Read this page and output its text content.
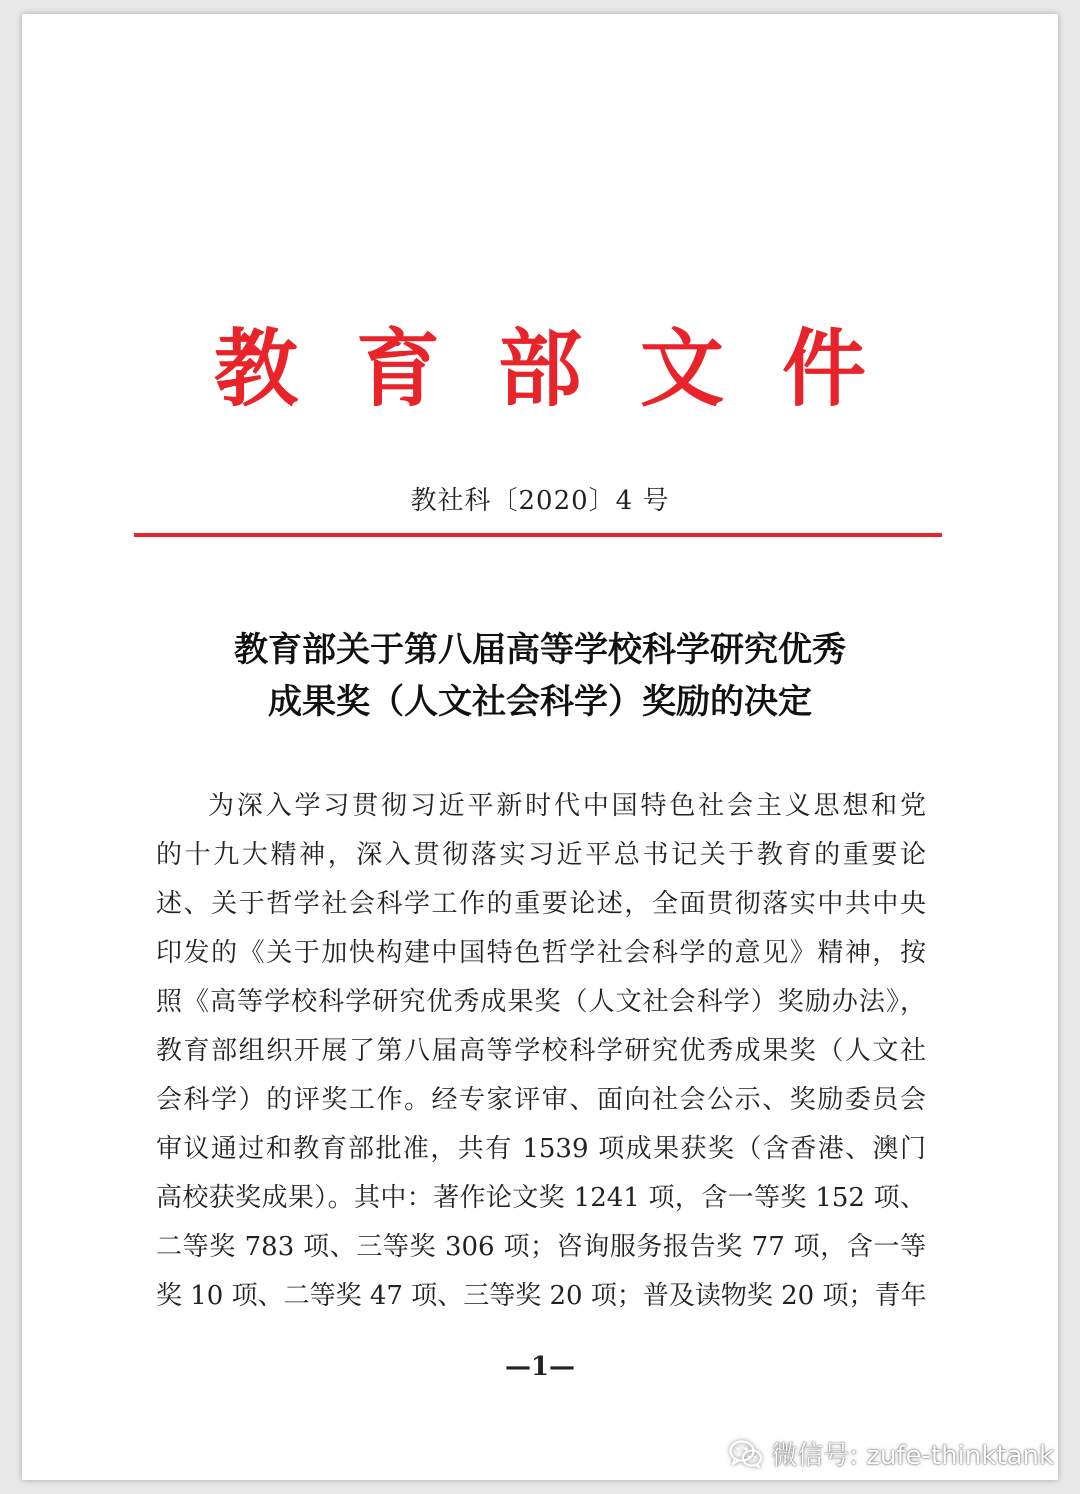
教育部文件
教社科〔2020〕4 号
教育部关于第八届高等学校科学研究优秀
成果奖（人文社会科学）奖励的决定
为深入学习贯彻习近平新时代中国特色社会主义思想和党
的十九大精神，深入贯彻落实习近平总书记关于教育的重要论
述、关于哲学社会科学工作的重要论述，全面贯彻落实中共中央
印发的《关于加快构建中国特色哲学社会科学的意见》精神，按
照《高等学校科学研究优秀成果奖（人文社会科学）奖励办法》，
教育部组织开展了第八届高等学校科学研究优秀成果奖（人文社
会科学）的评奖工作。经专家评审、面向社会公示、奖励委员会
审议通过和教育部批准，共有 1539 项成果获奖（含香港、澳门
高校获奖成果）。其中：著作论文奖 1241 项，含一等奖 152 项、
二等奖 783 项、三等奖 306 项；咨询服务报告奖 77 项，含一等
奖 10 项、二等奖 47 项、三等奖 20 项；普及读物奖 20 项；青年
—1—
微信号: zufe-thinktank
